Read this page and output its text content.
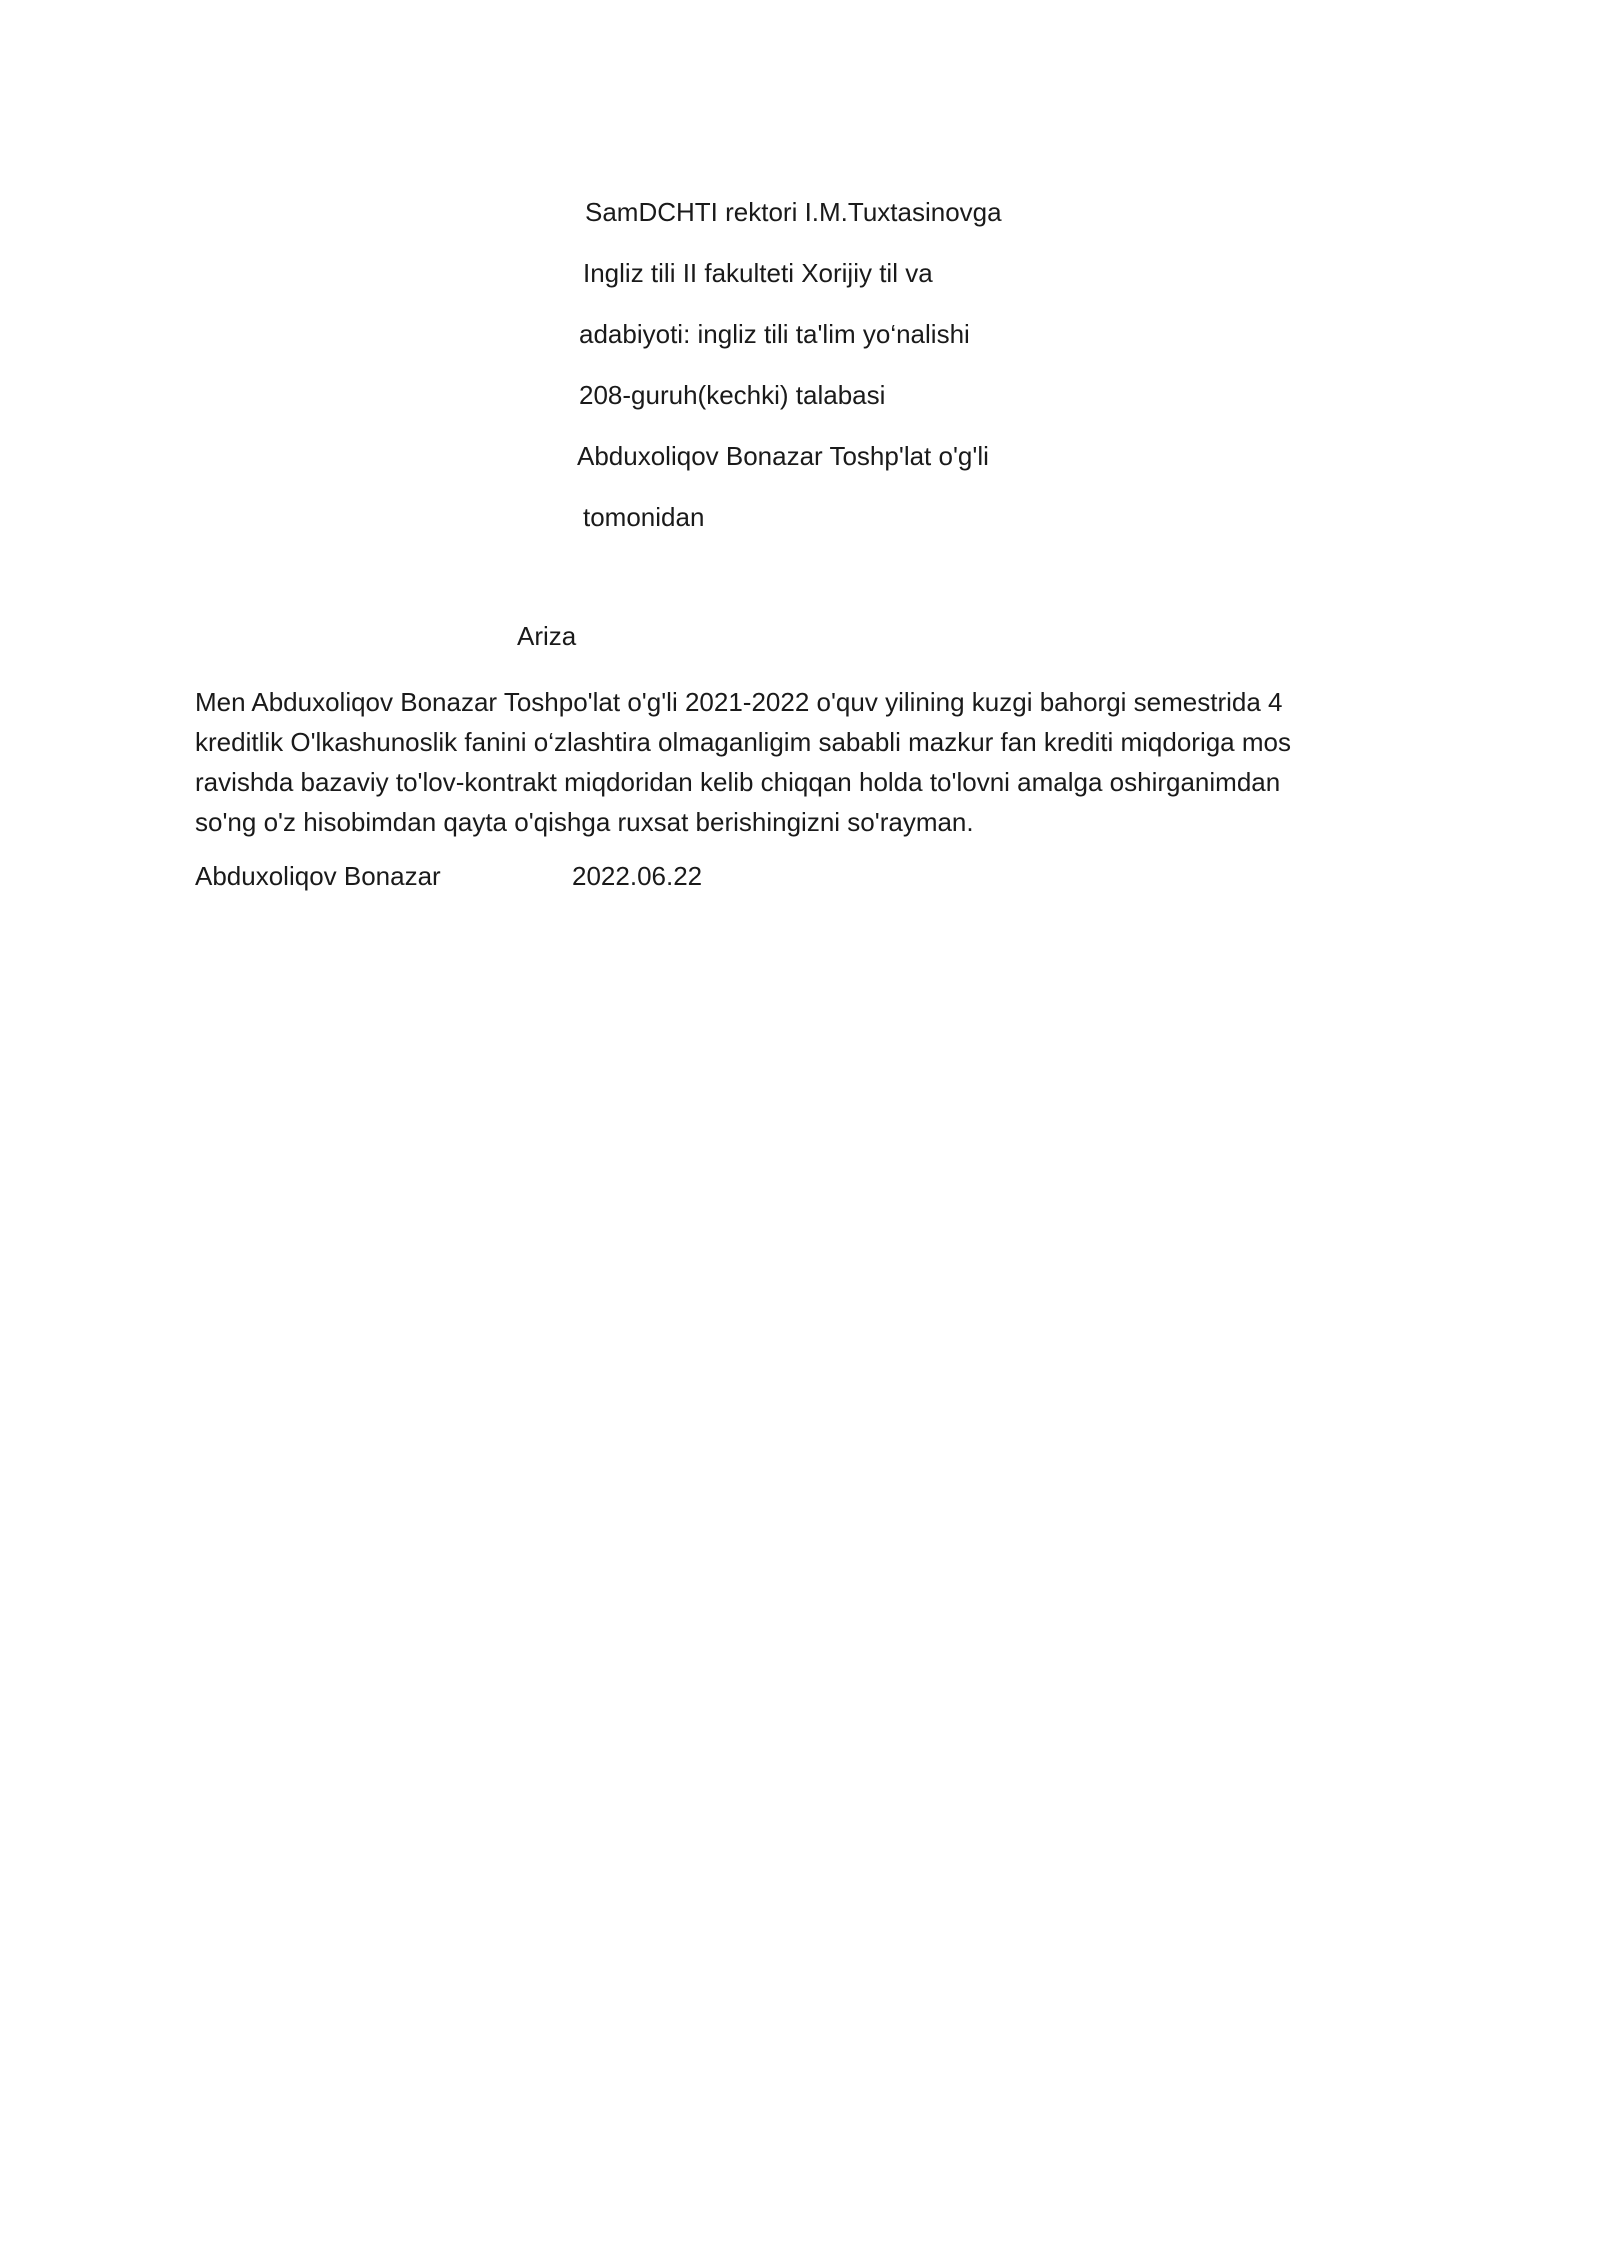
SamDCHTI rektori I.M.Tuxtasinovga
Ingliz tili II fakulteti Xorijiy til va
adabiyoti: ingliz tili ta'lim yo‘nalishi
208-guruh(kechki) talabasi
Abduxoliqov Bonazar Toshp'lat o'g'li
tomonidan
Ariza
Men Abduxoliqov Bonazar Toshpo'lat o'g'li 2021-2022 o'quv yilining kuzgi bahorgi semestrida 4
kreditlik O'lkashunoslik fanini o‘zlashtira olmaganligim sababli mazkur fan krediti miqdoriga mos
ravishda bazaviy to'lov-kontrakt miqdoridan kelib chiqqan holda to'lovni amalga oshirganimdan
so'ng o'z hisobimdan qayta o'qishga ruxsat berishingizni so'rayman.
Abduxoliqov Bonazar	2022.06.22
